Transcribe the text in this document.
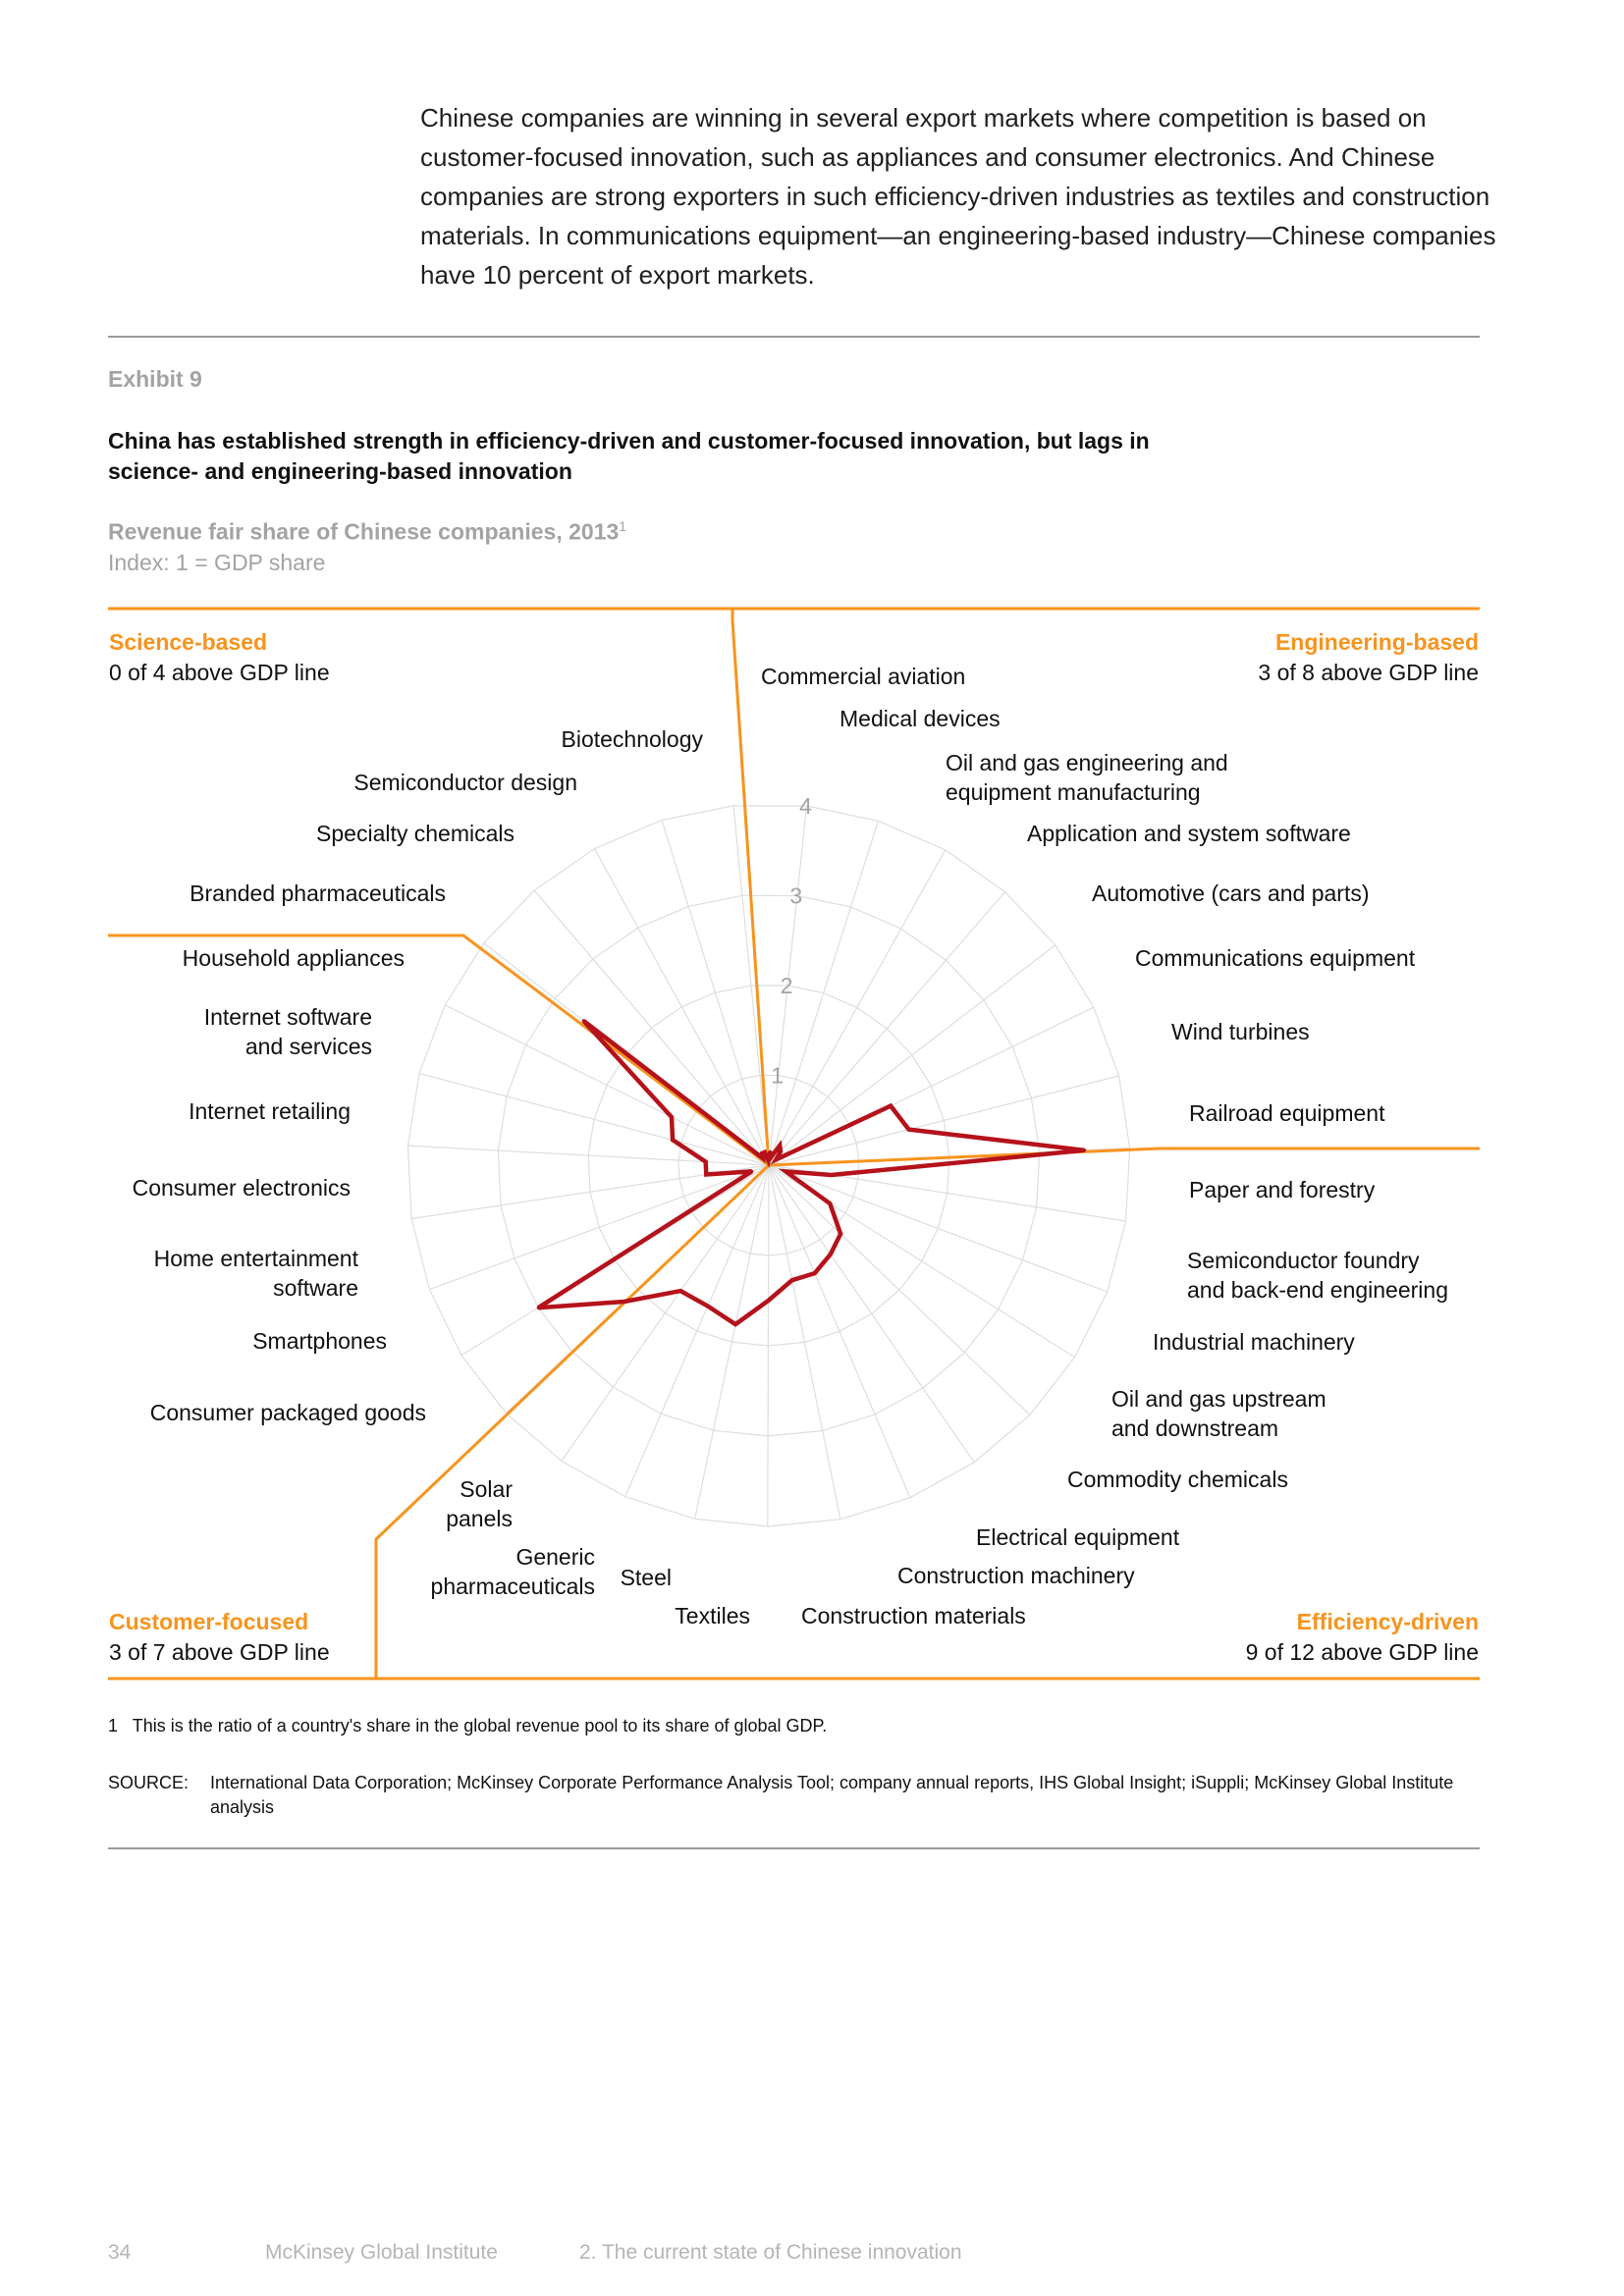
Chinese companies are winning in several export markets where competition is based on customer-focused innovation, such as appliances and consumer electronics. And Chinese companies are strong exporters in such efficiency-driven industries as textiles and construction materials. In communications equipment—an engineering-based industry—Chinese companies have 10 percent of export markets.

Exhibit 9

China has established strength in efficiency-driven and customer-focused innovation, but lags in science- and engineering-based innovation

Revenue fair share of Chinese companies, 2013$^1$
Index: 1 = GDP share
1
2
3
4
Commercial aviation
Medical devices
Oil and gas engineering and equipment manufacturing
Application and system software
Automotive (cars and parts)
Communications equipment
Wind turbines
Railroad equipment
Paper and forestry
Semiconductor foundry and back-end engineering
Industrial machinery
Oil and gas upstream and downstream
Commodity chemicals
Electrical equipment
Construction machinery
Construction materials
Textiles
Steel
Generic pharmaceuticals
Solar panels
Consumer packaged goods
Smartphones
Home entertainment software
Consumer electronics
Internet retailing
Internet software and services
Household appliances
Branded pharmaceuticals
Specialty chemicals
Semiconductor design
Biotechnology
Engineering-based
3 of 8 above GDP line
Efficiency-driven
9 of 12 above GDP line
Customer-focused
3 of 7 above GDP line
Science-based
0 of 4 above GDP line
1 This is the ratio of a country's share in the global revenue pool to its share of global GDP.
SOURCE: International Data Corporation; McKinsey Corporate Performance Analysis Tool; company annual reports, IHS Global Insight; iSuppli; McKinsey Global Institute analysis
34	McKinsey Global Institute	2. The current state of Chinese innovation
